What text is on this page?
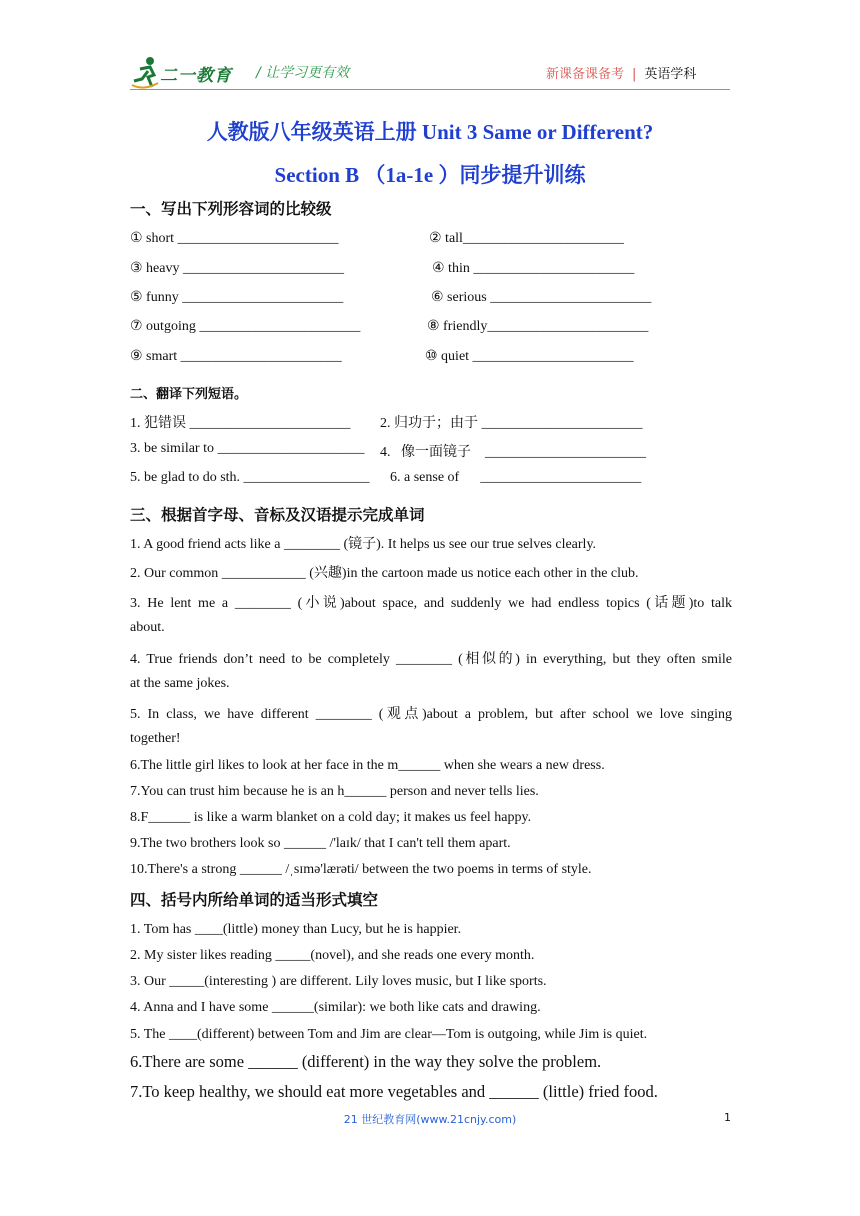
二一教育 / 让学习更有效	新课备课备考 | 英语学科
人教版八年级英语上册 Unit 3 Same or Different?
Section B （1a-1e ）同步提升训练
一、写出下列形容词的比较级
① short _______________________	② tall_______________________
③ heavy _______________________	④ thin _______________________
⑤ funny _______________________	⑥ serious _______________________
⑦ outgoing _______________________	⑧ friendly_______________________
⑨ smart _______________________	⑩ quiet _______________________
二、翻译下列短语。
1. 犯错误 _______________________ 2. 归功于；由于 _______________________
3. be similar to _____________________ 4.   像一面镜子    _______________________
5. be glad to do sth. __________________ 6. a sense of      _______________________
三、根据首字母、音标及汉语提示完成单词
1. A good friend acts like a ________ (镜子). It helps us see our true selves clearly.
2. Our common ____________ (兴趣)in the cartoon made us notice each other in the club.
3. He lent me a ________ (小说)about space, and suddenly we had endless topics (话题)to talk
about.
4. True friends don’t need to be completely ________ (相似的) in everything, but they often smile
at the same jokes.
5. In class, we have different ________ (观点)about a problem, but after school we love singing
together!
6.The little girl likes to look at her face in the m______ when she wears a new dress.
7.You can trust him because he is an h______ person and never tells lies.
8.F______ is like a warm blanket on a cold day; it makes us feel happy.
9.The two brothers look so ______ /'laɪk/ that I can't tell them apart.
10.There's a strong ______ /ˌsɪmə'lærəti/ between the two poems in terms of style.
四、括号内所给单词的适当形式填空
1. Tom has ____(little) money than Lucy, but he is happier.
2. My sister likes reading _____(novel), and she reads one every month.
3. Our _____(interesting ) are different. Lily loves music, but I like sports.
4. Anna and I have some ______(similar): we both like cats and drawing.
5. The ____(different) between Tom and Jim are clear—Tom is outgoing, while Jim is quiet.
6.There are some ______ (different) in the way they solve the problem.
7.To keep healthy, we should eat more vegetables and ______ (little) fried food.
21 世纪教育网(www.21cnjy.com)	1
